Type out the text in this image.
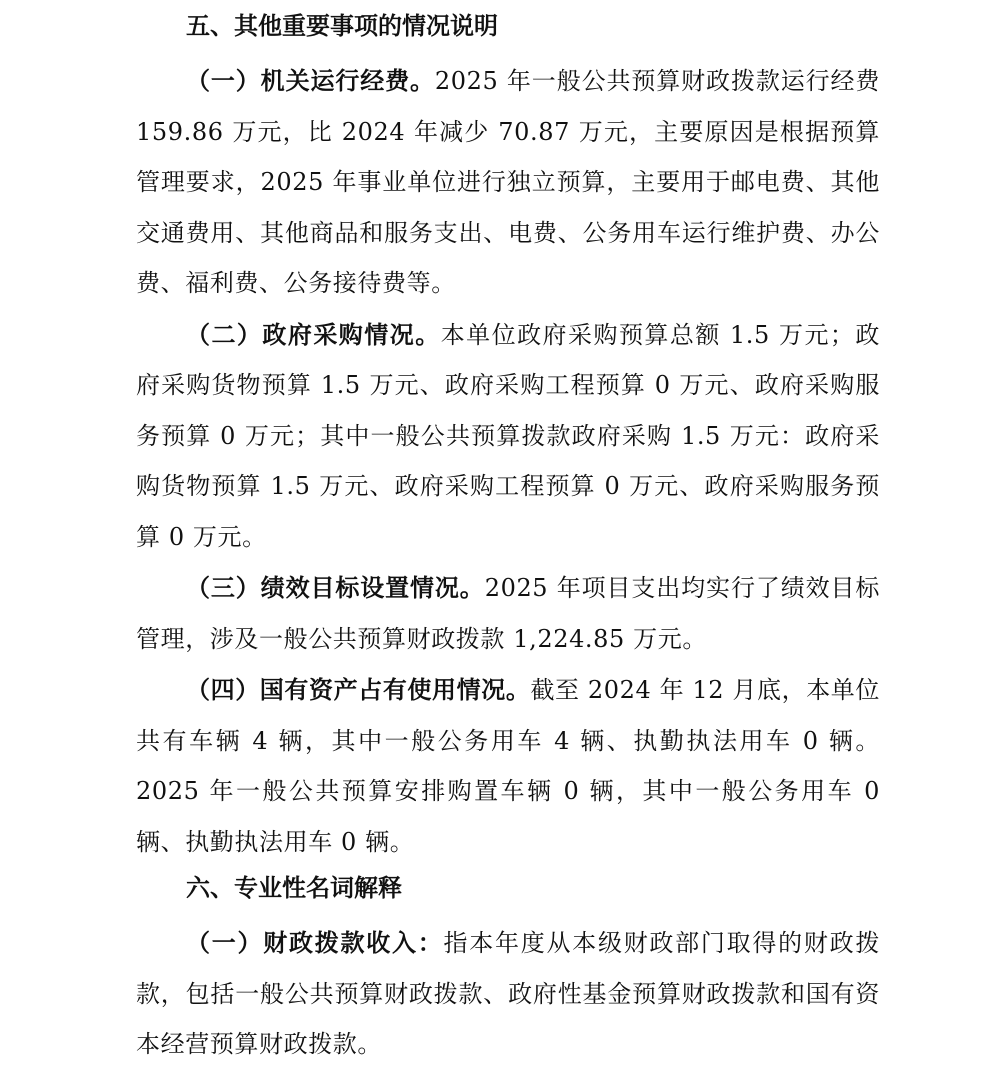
五、其他重要事项的情况说明

（一）机关运行经费。2025 年一般公共预算财政拨款运行经费 159.86 万元，比 2024 年减少 70.87 万元，主要原因是根据预算管理要求，2025 年事业单位进行独立预算，主要用于邮电费、其他交通费用、其他商品和服务支出、电费、公务用车运行维护费、办公费、福利费、公务接待费等。

（二）政府采购情况。本单位政府采购预算总额 1.5 万元；政府采购货物预算 1.5 万元、政府采购工程预算 0 万元、政府采购服务预算 0 万元；其中一般公共预算拨款政府采购 1.5 万元：政府采购货物预算 1.5 万元、政府采购工程预算 0 万元、政府采购服务预算 0 万元。

（三）绩效目标设置情况。2025 年项目支出均实行了绩效目标管理，涉及一般公共预算财政拨款 1,224.85 万元。

（四）国有资产占有使用情况。截至 2024 年 12 月底，本单位共有车辆 4 辆，其中一般公务用车 4 辆、执勤执法用车 0 辆。2025 年一般公共预算安排购置车辆 0 辆，其中一般公务用车 0 辆、执勤执法用车 0 辆。

六、专业性名词解释

（一）财政拨款收入：指本年度从本级财政部门取得的财政拨款，包括一般公共预算财政拨款、政府性基金预算财政拨款和国有资本经营预算财政拨款。
